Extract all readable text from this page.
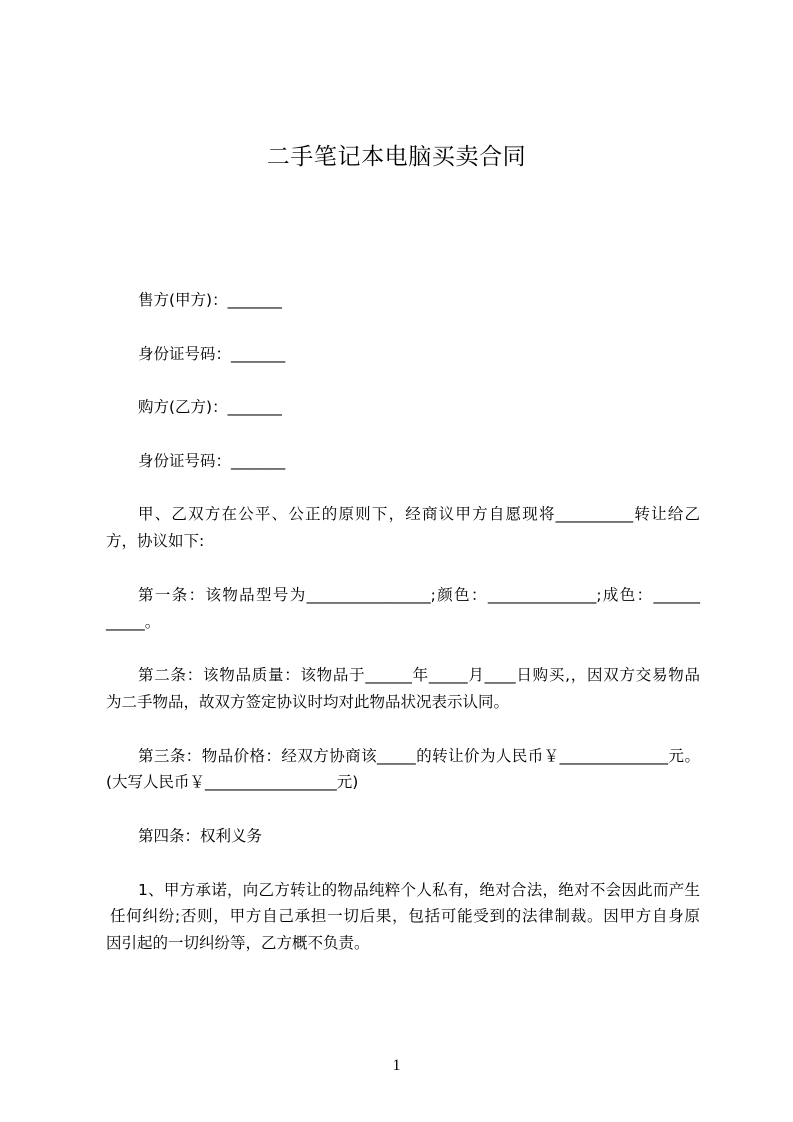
二手笔记本电脑买卖合同
售方(甲方)：_______
身份证号码：_______
购方(乙方)：_______
身份证号码：_______
甲、乙双方在公平、公正的原则下，经商议甲方自愿现将__________转让给乙
方，协议如下:
第一条：该物品型号为________________;颜色：______________;成色：______
_____。
第二条：该物品质量：该物品于______年_____月____日购买,，因双方交易物品
为二手物品，故双方签定协议时均对此物品状况表示认同。
第三条：物品价格：经双方协商该_____的转让价为人民币￥______________元。
(大写人民币￥_________________元)
第四条：权利义务
1、甲方承诺，向乙方转让的物品纯粹个人私有，绝对合法，绝对不会因此而产生
任何纠纷;否则，甲方自己承担一切后果，包括可能受到的法律制裁。因甲方自身原
因引起的一切纠纷等，乙方概不负责。
1
